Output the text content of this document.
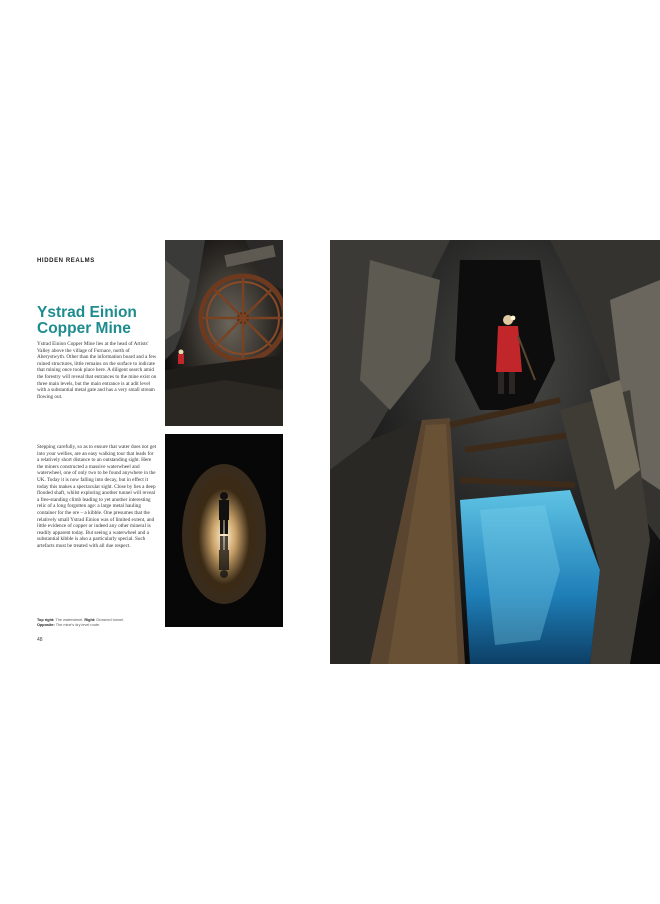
HIDDEN REALMS
Ystrad Einion
Copper Mine

Ystrad Einion Copper Mine lies at the head of Artists' Valley above the village of Furnace, north of Aberystwyth. Other than the information board and a few ruined structures, little remains on the surface to indicate that mining once took place here. A diligent search amid the forestry will reveal that entrances to the mine exist on three main levels, but the main entrance is at adit level with a substantial metal gate and has a very small stream flowing out.

Stepping carefully, so as to ensure that water does not get into your wellies, are an easy walking tour that leads for a relatively short distance to an outstanding sight. Here the miners constructed a massive waterwheel and waterwheel, one of only two to be found anywhere in the UK. Today it is now falling into decay, but in effect it today this makes a spectacular sight. Close by lies a deep flooded shaft, whilst exploring another tunnel will reveal a free-standing climb leading to yet another interesting relic of a long forgotten age: a large metal hauling container for the ore – a kibble. One presumes that the relatively small Ystrad Einion was of limited extent, and little evidence of copper or indeed any other mineral is readily apparent today. But seeing a waterwheel and a substantial kibble is also a particularly special. Such artefacts must be treated with all due respect.

Top right: The waterwheel. Right: Drowned tunnel.
Opposite: The mine's dry level route.
48
